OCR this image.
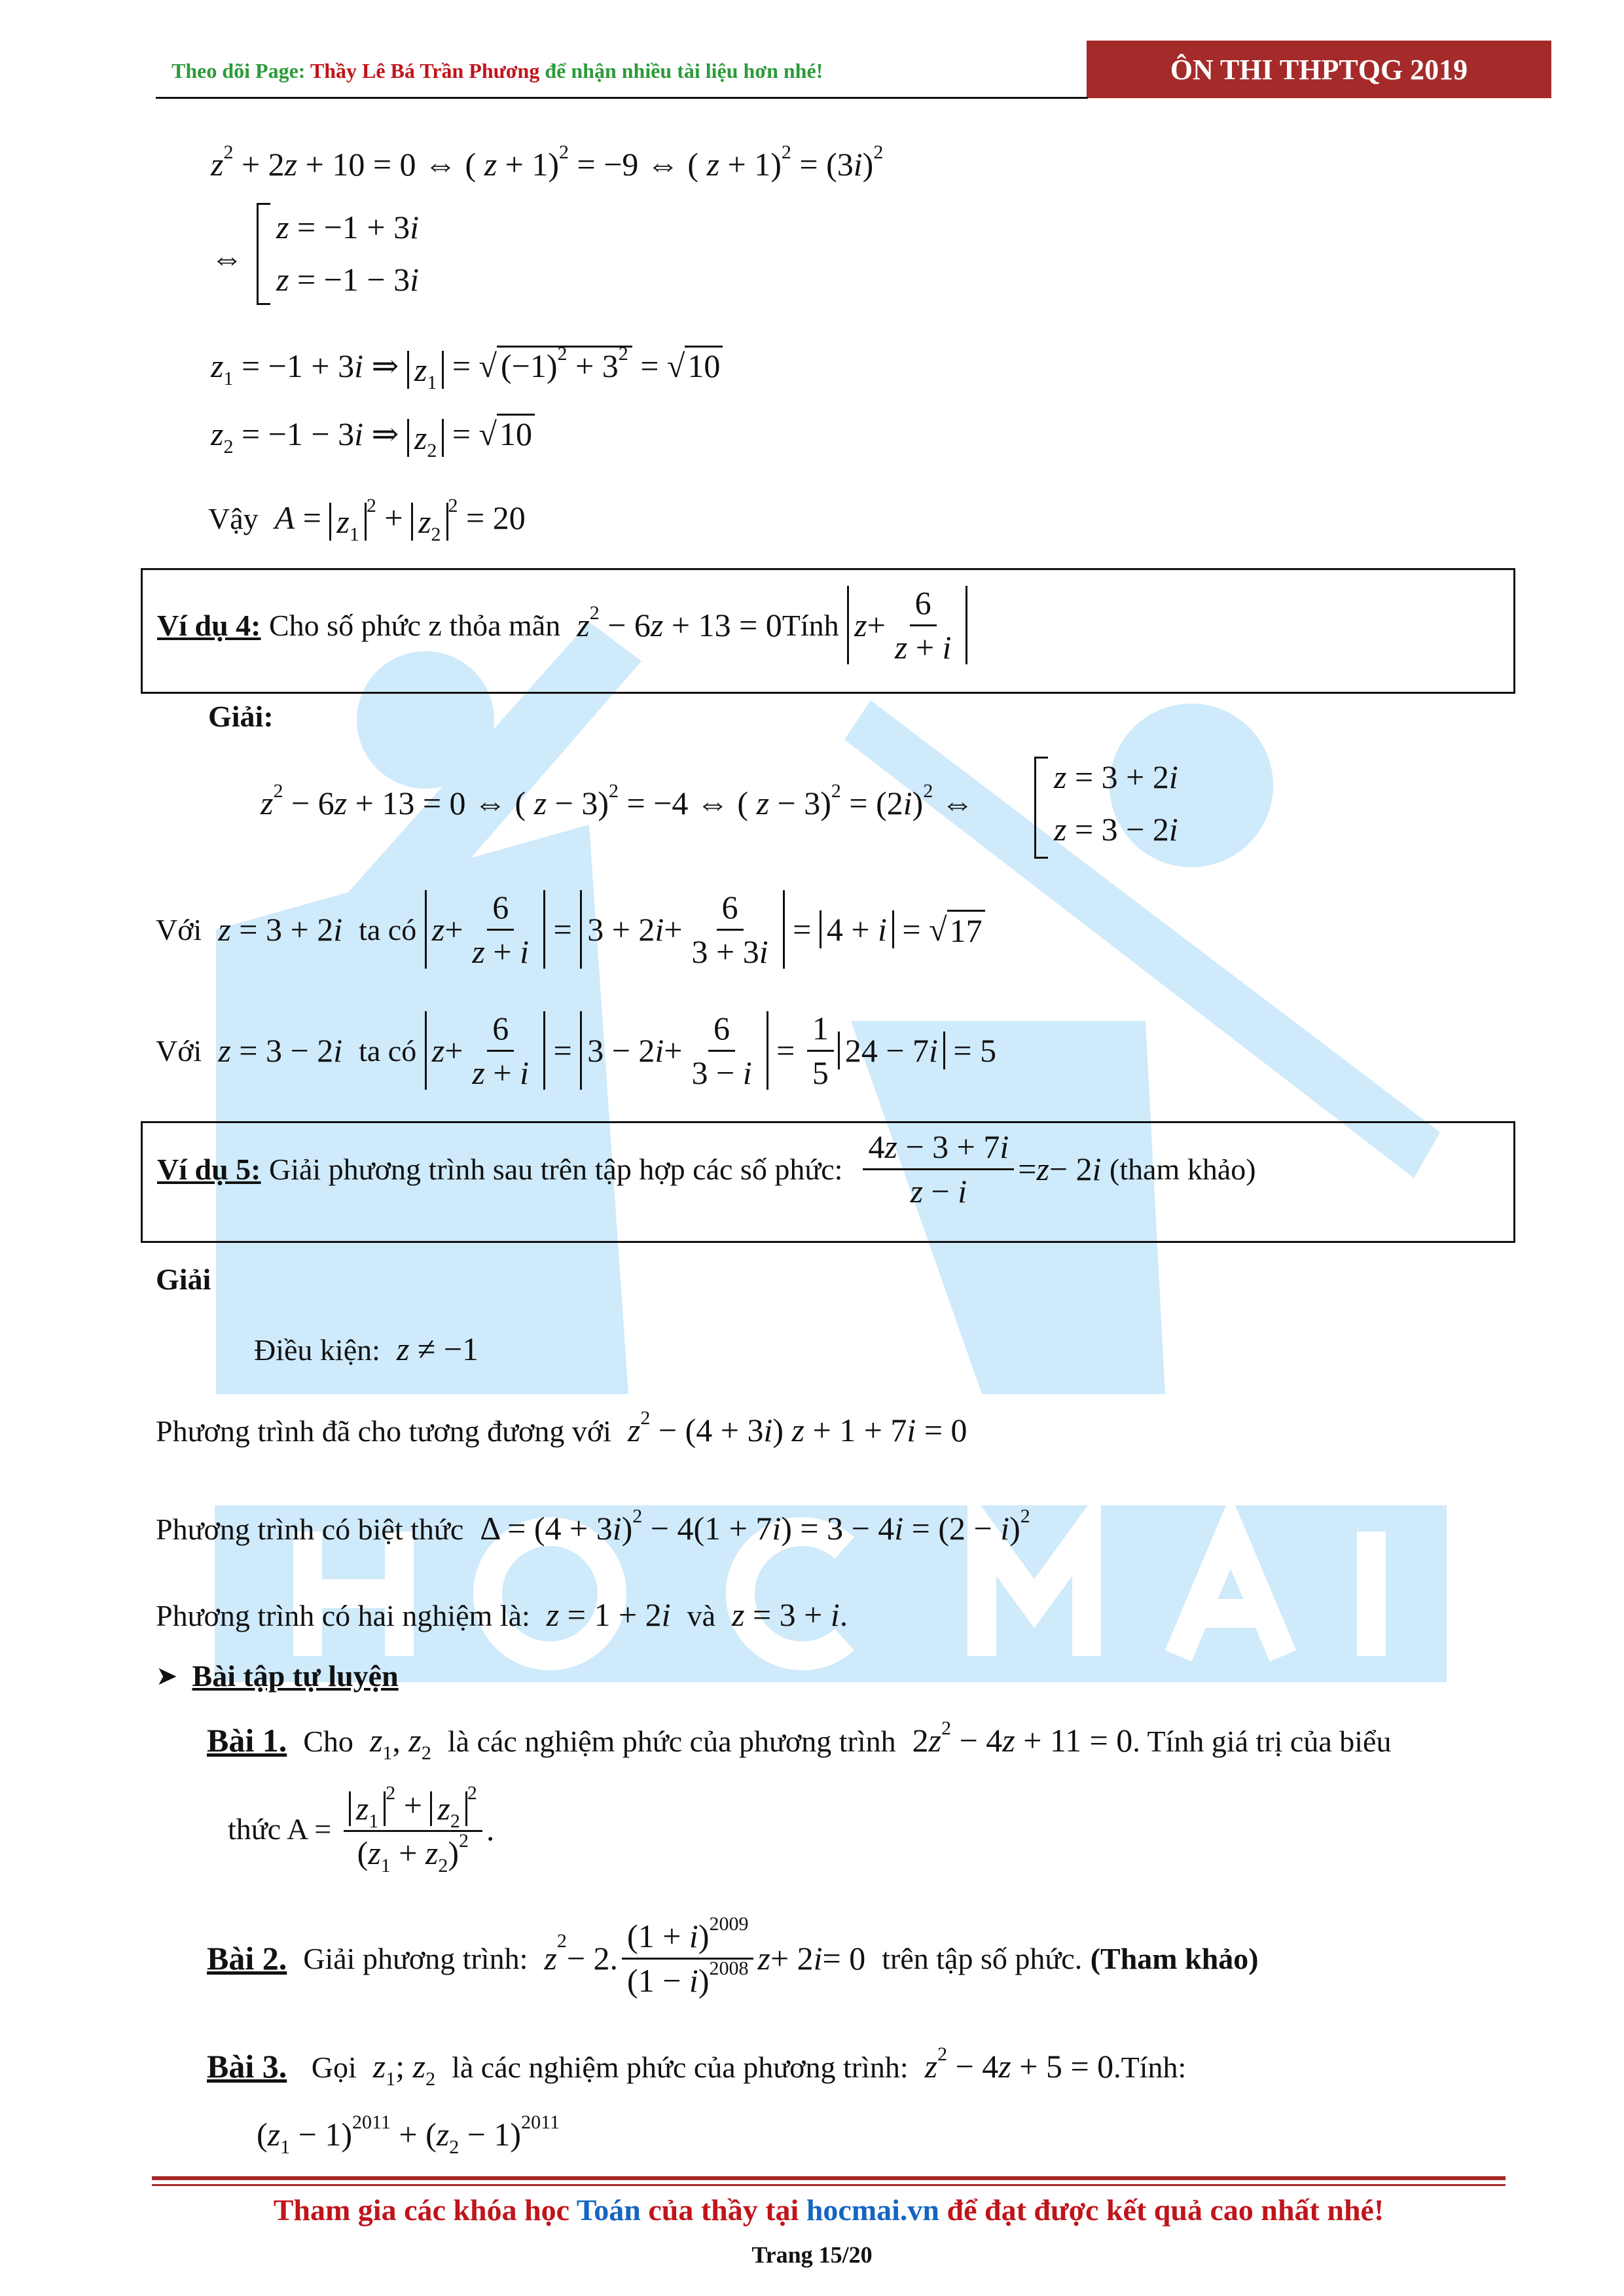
Theo dõi Page: Thầy Lê Bá Trần Phương để nhận nhiều tài liệu hơn nhé!	ÔN THI THPTQG 2019
$z^2 + 2z + 10 = 0$ ⇔ ( z + 1)$^2$ = −9 ⇔ ( $z + 1)^2 = (3i)^2$
⇔
z = −1 + 3i
z = −1 − 3i
$z_1 = -1 + 3i$ ⇒ $z_1$ = √ $(-1)^2 + 3^2 = √10$
$z_2 = -1 - 3i$ ⇒ $z_2 = √10$
Vậy $A = z_1^2 + z_2^2 = 20$
Ví dụ 4:
Cho số phức z thỏa mãn
$z^2 - 6z + 13 = 0$ Tính
$z + \frac{6}{z + i}$
Giải:
$z^2 - 6z + 13 = 0$ ⇔ ( z − 3)$^2$ = −4 ⇔ ( $z - 3)^2 = (2i)^2$ ⇔
z = 3 + 2i
z = 3 − 2i
Với
z = 3 + 2i
ta có
$z + \frac{6}{z + i} = 3 + 2$ $i + \frac{6}{3 + 3i} = 4 + i$ = √ 17
Với
z = 3 − 2i
ta có
$z + \frac{6}{z + i} = 3 - 2$ $i + \frac{6}{3 - i} = \frac{1}{5} 24 - 7i = 5$
Ví dụ 5:
Giải phương trình sau trên tập hợp các số phức:
$\frac{4z - 3 + 7i}{z - i} = z - 2$ i
(tham khảo)
Giải
Điều kiện: z ≠ −1
Phương trình đã cho tương đương với $z^2 - (4 + 3i) z + 1 + 7i = 0$
Phương trình có biệt thức  $\Delta = (4 + 3i)^2 - 4(1 + 7i) = 3 - 4i = (2 - i)^2$
Phương trình có hai nghiệm là: z = 1 + 2i và z = 3 + i.
➤ Bài tập tự luyện
Bài 1. Cho $z_1$, $z_2$ là các nghiệm phức của phương trình  $2z^2 - 4z + 11 = 0$. Tính giá trị của biểu
thức A =
$\frac{z_1^2 + z_2^2}{(z_1 + z_2)^2}$ .
Bài 2.
Giải phương trình:
z 2 − 2. $\frac{(1 + i)^{2009}}{(1 - i)^{2008}}$ z + 2 i = 0 trên tập số phức.
(Tham khảo)
Bài 3. Gọi $z_1$; $z_2$ là các nghiệm phức của phương trình: $z^2 - 4z + 5$ = 0.Tính:
$(z_1 - 1)^{2011} + (z_2 - 1)^{2011}$
Tham gia các khóa học Toán của thầy tại hocmai.vn để đạt được kết quả cao nhất nhé!
Trang 15/20
